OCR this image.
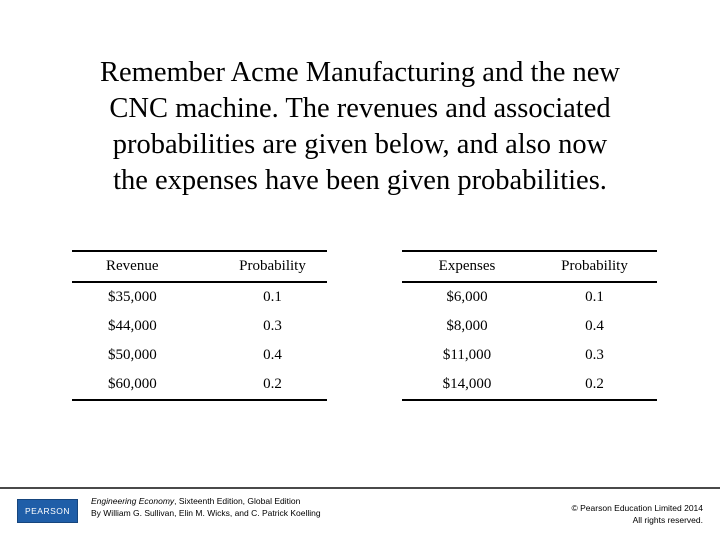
Remember Acme Manufacturing and the new
CNC machine. The revenues and associated
probabilities are given below, and also now
the expenses have been given probabilities.
Revenue	Probability
$35,000	0.1
$44,000	0.3
$50,000	0.4
$60,000	0.2
Expenses	Probability
$6,000	0.1
$8,000	0.4
$11,000	0.3
$14,000	0.2
PEARSON
Engineering Economy, Sixteenth Edition, Global Edition
By William G. Sullivan, Elin M. Wicks, and C. Patrick Koelling	© Pearson Education Limited 2014
All rights reserved.
